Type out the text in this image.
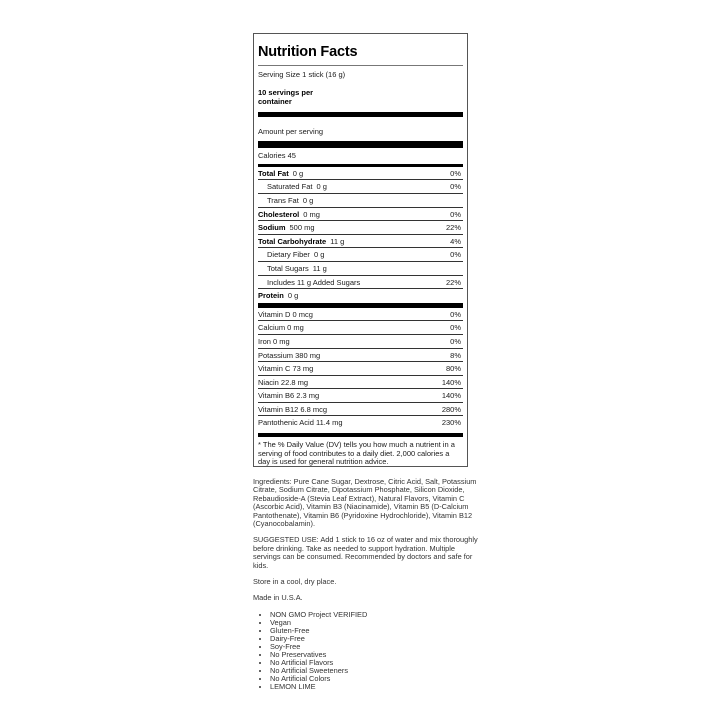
Nutrition Facts
Serving Size 1 stick (16 g)
10 servings per container
Amount per serving
Calories 45
Total Fat 0 g	0%
Saturated Fat 0 g	0%
Trans Fat 0 g
Cholesterol 0 mg	0%
Sodium 500 mg	22%
Total Carbohydrate 11 g	4%
Dietary Fiber 0 g	0%
Total Sugars 11 g
Includes 11 g Added Sugars	22%
Protein 0 g
Vitamin D 0 mcg	0%
Calcium 0 mg	0%
Iron 0 mg	0%
Potassium 380 mg	8%
Vitamin C 73 mg	80%
Niacin 22.8 mg	140%
Vitamin B6 2.3 mg	140%
Vitamin B12 6.8 mcg	280%
Pantothenic Acid 11.4 mg	230%
* The % Daily Value (DV) tells you how much a nutrient in a serving of food contributes to a daily diet. 2,000 calories a day is used for general nutrition advice.

Ingredients: Pure Cane Sugar, Dextrose, Citric Acid, Salt, Potassium Citrate, Sodium Citrate, Dipotassium Phosphate, Silicon Dioxide, Rebaudioside-A (Stevia Leaf Extract), Natural Flavors, Vitamin C (Ascorbic Acid), Vitamin B3 (Niacinamide), Vitamin B5 (D-Calcium Pantothenate), Vitamin B6 (Pyridoxine Hydrochloride), Vitamin B12 (Cyanocobalamin).

SUGGESTED USE: Add 1 stick to 16 oz of water and mix thoroughly before drinking. Take as needed to support hydration. Multiple servings can be consumed. Recommended by doctors and safe for kids.

Store in a cool, dry place.

Made in U.S.A.

• NON GMO Project VERIFIED
• Vegan
• Gluten-Free
• Dairy-Free
• Soy-Free
• No Preservatives
• No Artificial Flavors
• No Artificial Sweeteners
• No Artificial Colors
• LEMON LIME
